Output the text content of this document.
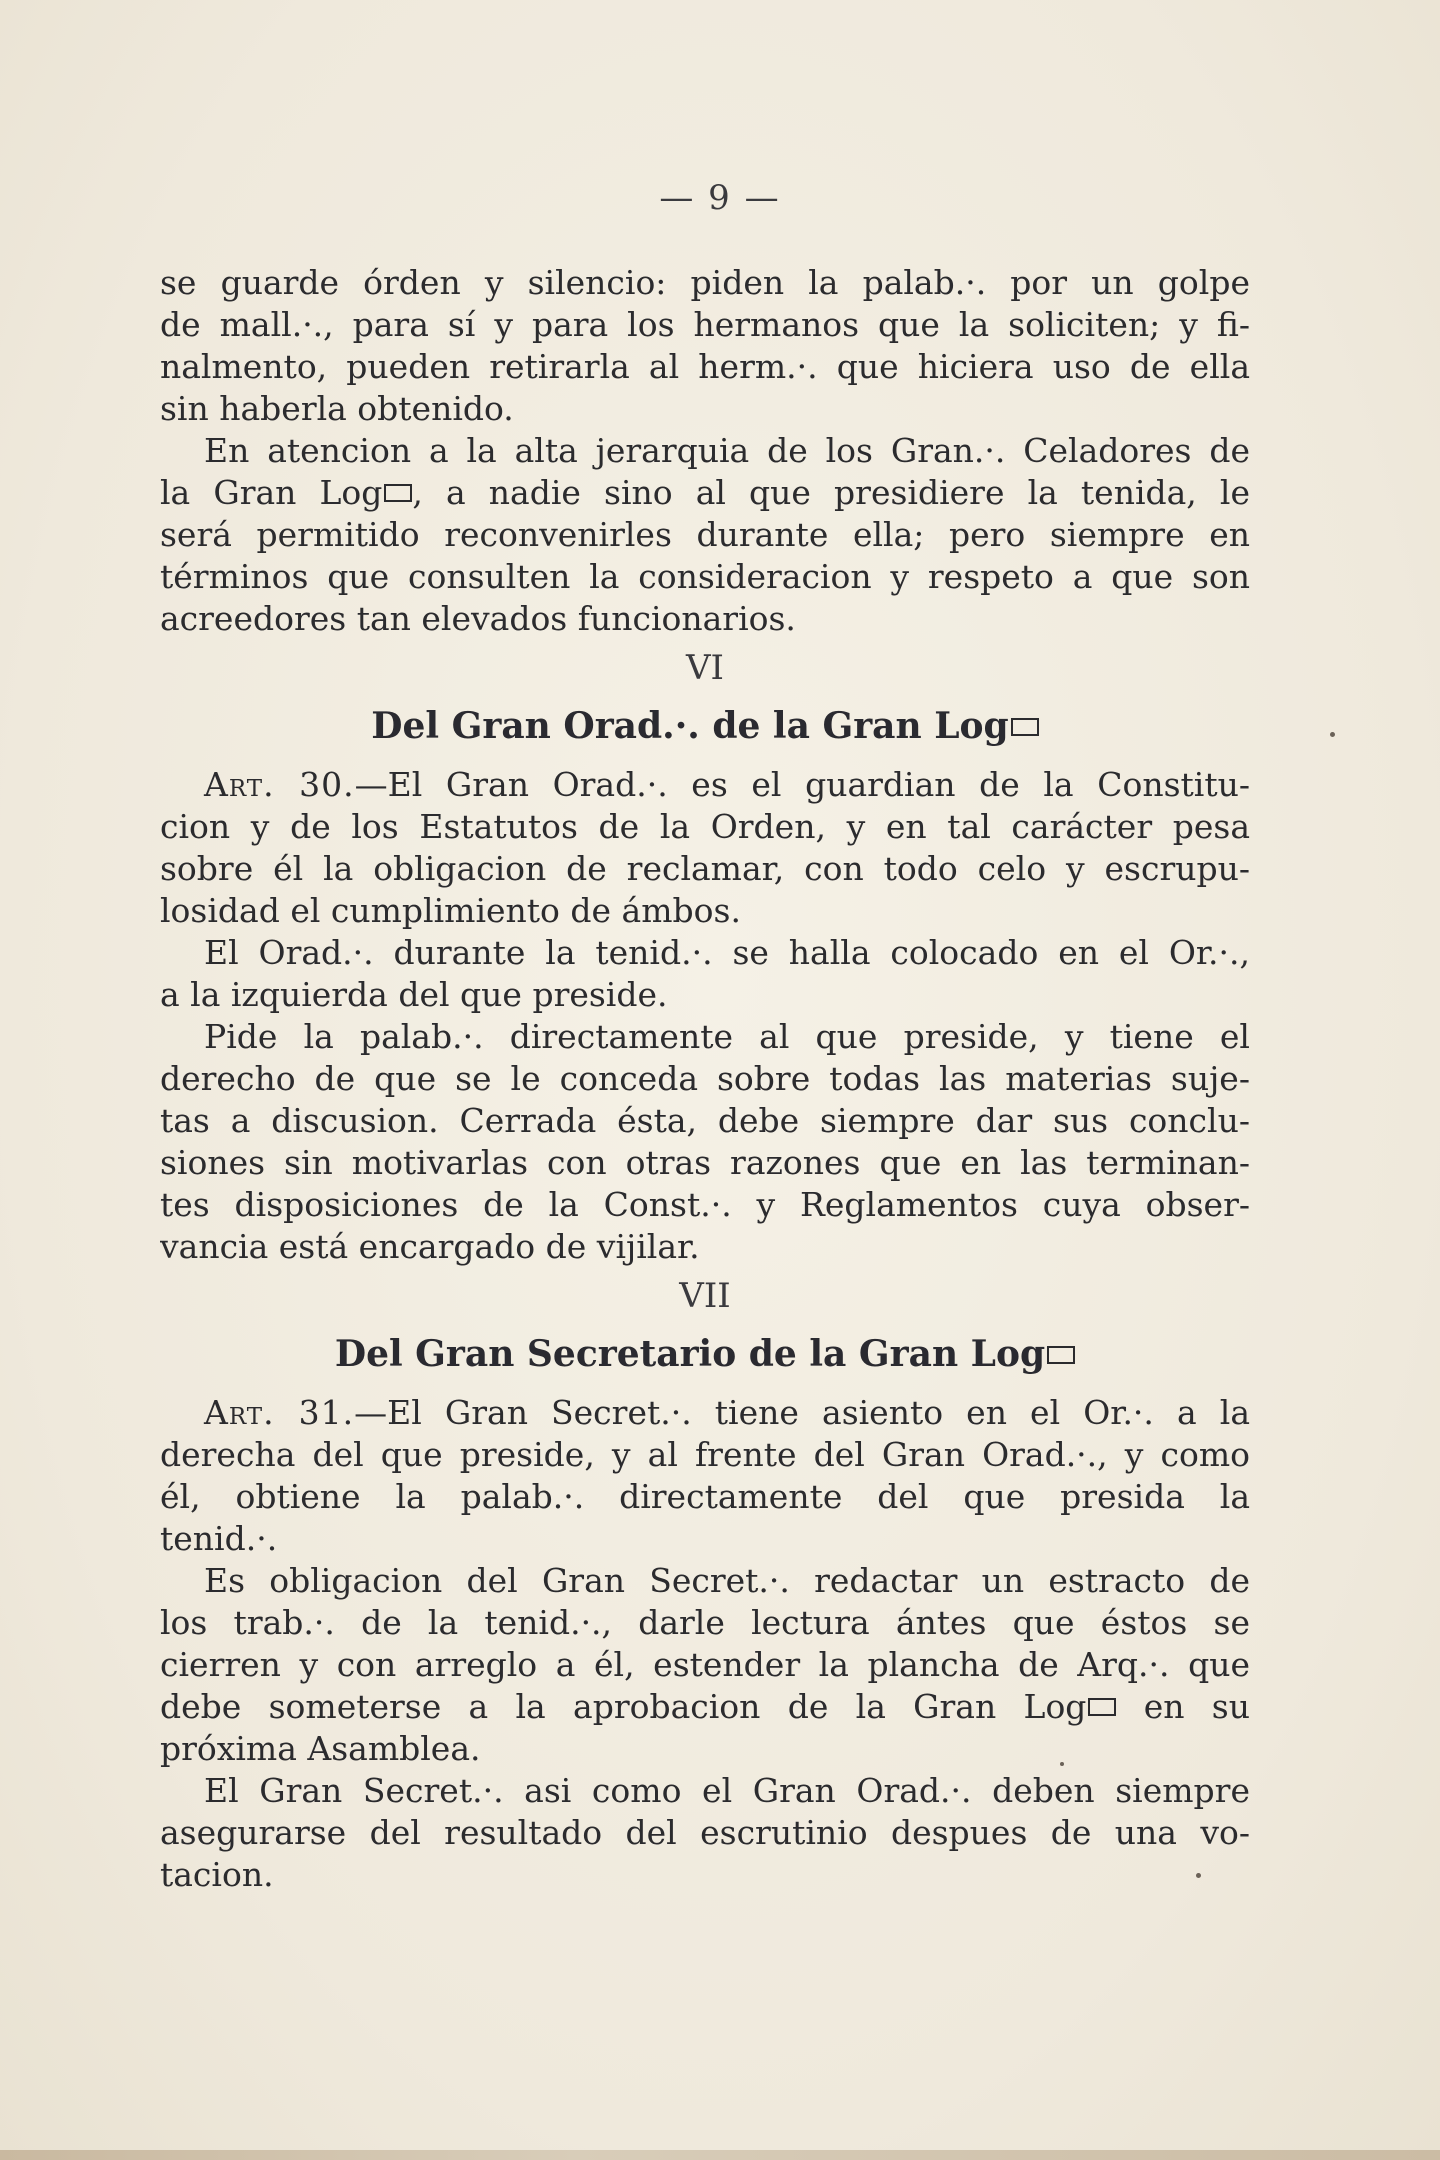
— 9 —
se guarde órden y silencio: piden la palab.·. por un golpe
de mall.·., para sí y para los hermanos que la soliciten; y fi-
nalmento, pueden retirarla al herm.·. que hiciera uso de ella
sin haberla obtenido.
En atencion a la alta jerarquia de los Gran.·. Celadores de
la Gran Log , a nadie sino al que presidiere la tenida, le
será permitido reconvenirles durante ella; pero siempre en
términos que consulten la consideracion y respeto a que son
acreedores tan elevados funcionarios.
VI
Del Gran Orad.·. de la Gran Log
Art. 30.—El Gran Orad.·. es el guardian de la Constitu-
cion y de los Estatutos de la Orden, y en tal carácter pesa
sobre él la obligacion de reclamar, con todo celo y escrupu-
losidad el cumplimiento de ámbos.
El Orad.·. durante la tenid.·. se halla colocado en el Or.·.,
a la izquierda del que preside.
Pide la palab.·. directamente al que preside, y tiene el
derecho de que se le conceda sobre todas las materias suje-
tas a discusion. Cerrada ésta, debe siempre dar sus conclu-
siones sin motivarlas con otras razones que en las terminan-
tes disposiciones de la Const.·. y Reglamentos cuya obser-
vancia está encargado de vijilar.
VII
Del Gran Secretario de la Gran Log
Art. 31.—El Gran Secret.·. tiene asiento en el Or.·. a la
derecha del que preside, y al frente del Gran Orad.·., y como
él, obtiene la palab.·. directamente del que presida la
tenid.·.
Es obligacion del Gran Secret.·. redactar un estracto de
los trab.·. de la tenid.·., darle lectura ántes que éstos se
cierren y con arreglo a él, estender la plancha de Arq.·. que
debe someterse a la aprobacion de la Gran Log en su
próxima Asamblea.
El Gran Secret.·. asi como el Gran Orad.·. deben siempre
asegurarse del resultado del escrutinio despues de una vo-
tacion.
